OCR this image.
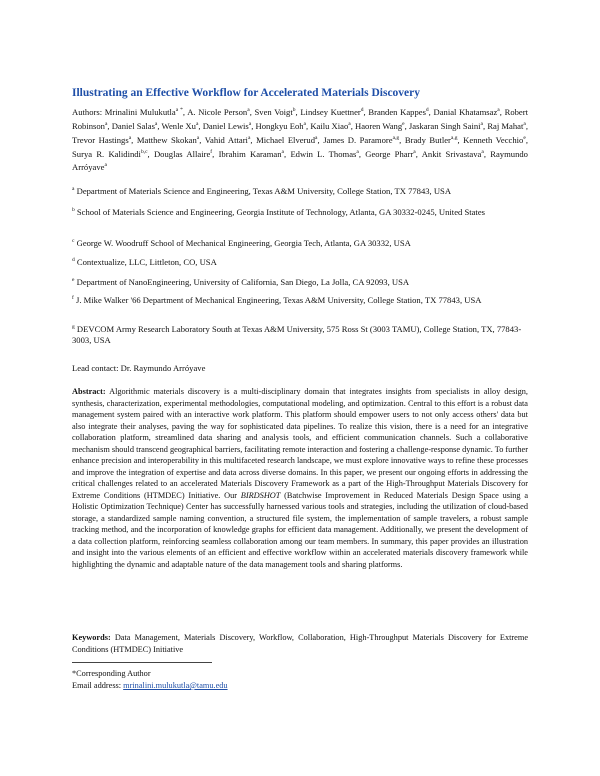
Illustrating an Effective Workflow for Accelerated Materials Discovery
Authors: Mrinalini Mulukutla$^{a *}$, A. Nicole Person$^a$, Sven Voigt$^b$, Lindsey Kuettner$^d$, Branden Kappes$^d$, Danial Khatamsaz$^a$, Robert Robinson$^a$, Daniel Salas$^a$, Wenle Xu$^a$, Daniel Lewis$^a$, Hongkyu Eoh$^a$, Kailu Xiao$^a$, Haoren Wang$^e$, Jaskaran Singh Saini$^a$, Raj Mahat$^a$, Trevor Hastings$^a$, Matthew Skokan$^a$, Vahid Attari$^a$, Michael Elverud$^a$, James D. Paramore$^{a,g}$, Brady Butler$^{a,g}$, Kenneth Vecchio$^e$, Surya R. Kalidindi$^{b,c}$, Douglas Allaire$^f$, Ibrahim Karaman$^a$, Edwin L. Thomas$^a$, George Pharr$^a$, Ankit Srivastava$^a$, Raymundo Arróyave$^a$
$^a$ Department of Materials Science and Engineering, Texas A&M University, College Station, TX 77843, USA
$^b$ School of Materials Science and Engineering, Georgia Institute of Technology, Atlanta, GA 30332-0245, United States
$^c$ George W. Woodruff School of Mechanical Engineering, Georgia Tech, Atlanta, GA 30332, USA
$^d$ Contextualize, LLC, Littleton, CO, USA
$^e$ Department of NanoEngineering, University of California, San Diego, La Jolla, CA 92093, USA
$^f$ J. Mike Walker '66 Department of Mechanical Engineering, Texas A&M University, College Station, TX 77843, USA
$^g$ DEVCOM Army Research Laboratory South at Texas A&M University, 575 Ross St (3003 TAMU), College Station, TX, 77843-3003, USA
Lead contact: Dr. Raymundo Arróyave
Abstract: Algorithmic materials discovery is a multi-disciplinary domain that integrates insights from specialists in alloy design, synthesis, characterization, experimental methodologies, computational modeling, and optimization. Central to this effort is a robust data management system paired with an interactive work platform. This platform should empower users to not only access others' data but also integrate their analyses, paving the way for sophisticated data pipelines. To realize this vision, there is a need for an integrative collaboration platform, streamlined data sharing and analysis tools, and efficient communication channels. Such a collaborative mechanism should transcend geographical barriers, facilitating remote interaction and fostering a challenge-response dynamic. To further enhance precision and interoperability in this multifaceted research landscape, we must explore innovative ways to refine these processes and improve the integration of expertise and data across diverse domains. In this paper, we present our ongoing efforts in addressing the critical challenges related to an accelerated Materials Discovery Framework as a part of the High-Throughput Materials Discovery for Extreme Conditions (HTMDEC) Initiative. Our BIRDSHOT (Batchwise Improvement in Reduced Materials Design Space using a Holistic Optimization Technique) Center has successfully harnessed various tools and strategies, including the utilization of cloud-based storage, a standardized sample naming convention, a structured file system, the implementation of sample travelers, a robust sample tracking method, and the incorporation of knowledge graphs for efficient data management. Additionally, we present the development of a data collection platform, reinforcing seamless collaboration among our team members. In summary, this paper provides an illustration and insight into the various elements of an efficient and effective workflow within an accelerated materials discovery framework while highlighting the dynamic and adaptable nature of the data management tools and sharing platforms.
Keywords: Data Management, Materials Discovery, Workflow, Collaboration, High-Throughput Materials Discovery for Extreme Conditions (HTMDEC) Initiative
*Corresponding Author
Email address: mrinalini.mulukutla@tamu.edu
